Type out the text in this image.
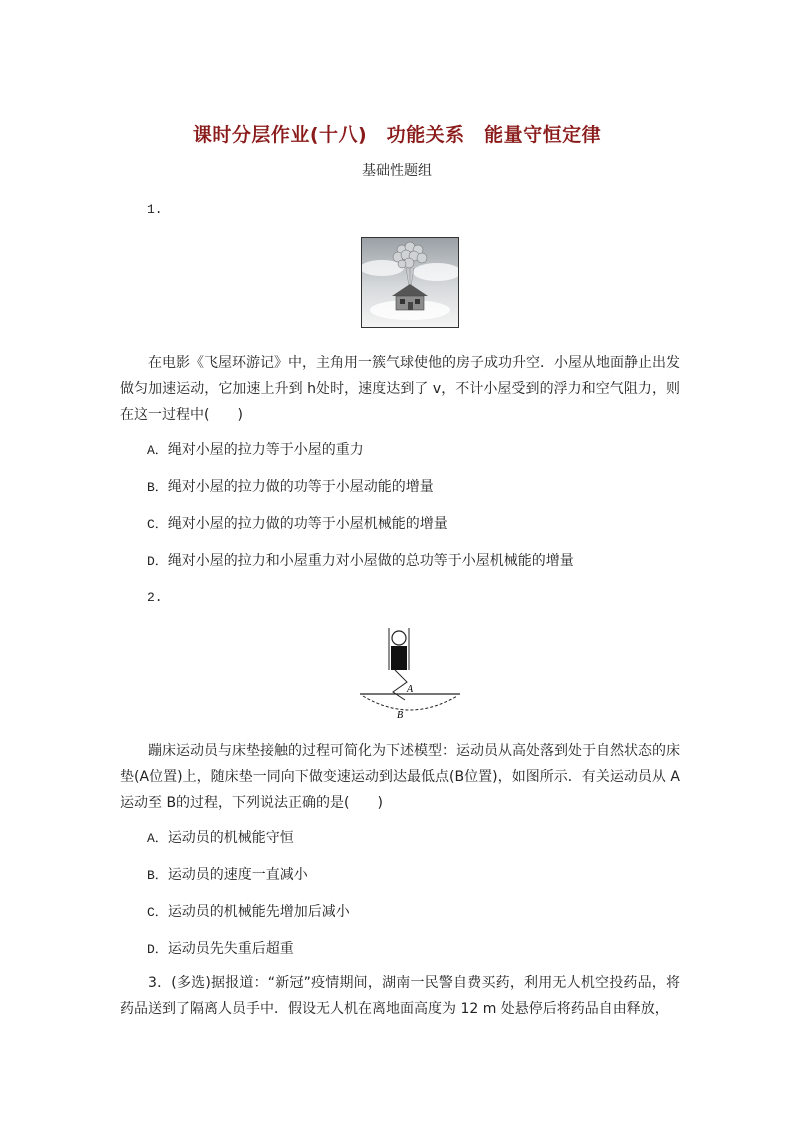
课时分层作业(十八)　功能关系　能量守恒定律
基础性题组
1.
在电影《飞屋环游记》中，主角用一簇气球使他的房子成功升空．小屋从地面静止出发做匀加速运动，它加速上升到 h处时，速度达到了 v，不计小屋受到的浮力和空气阻力，则在这一过程中(　　)
A．绳对小屋的拉力等于小屋的重力
B．绳对小屋的拉力做的功等于小屋动能的增量
C．绳对小屋的拉力做的功等于小屋机械能的增量
D．绳对小屋的拉力和小屋重力对小屋做的总功等于小屋机械能的增量
2.
A
B
蹦床运动员与床垫接触的过程可简化为下述模型：运动员从高处落到处于自然状态的床垫(A位置)上，随床垫一同向下做变速运动到达最低点(B位置)，如图所示．有关运动员从 A运动至 B的过程，下列说法正确的是(　　)
A．运动员的机械能守恒
B．运动员的速度一直减小
C．运动员的机械能先增加后减小
D．运动员先失重后超重
3．(多选)据报道：“新冠”疫情期间，湖南一民警自费买药，利用无人机空投药品，将药品送到了隔离人员手中．假设无人机在离地面高度为 12 m 处悬停后将药品自由释放，
